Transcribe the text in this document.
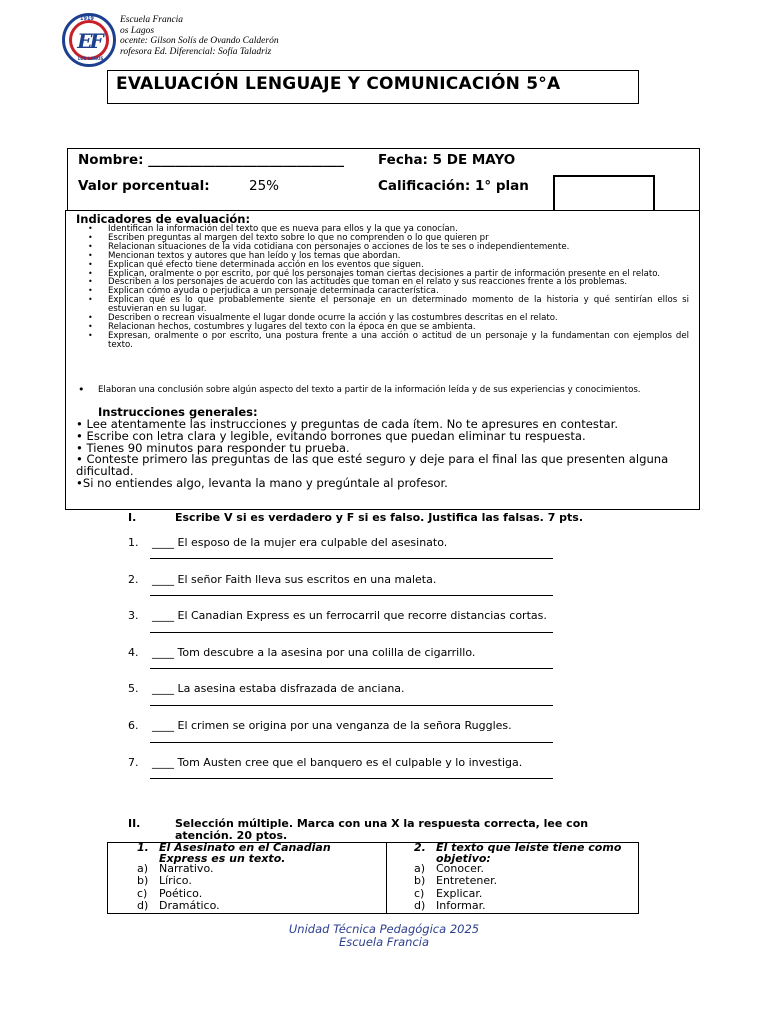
1919
EF
LOS LAGOS
Escuela Francia
os Lagos
ocente: Gilson Solís de Ovando Calderón
rofesora Ed. Diferencial: Sofía Taladriz
EVALUACIÓN LENGUAJE Y COMUNICACIÓN 5°A
Nombre: _____________________________	Fecha: 5 DE MAYO
Valor porcentual:	25%	Calificación: 1° plan
Indicadores de evaluación:
• Identifican la información del texto que es nueva para ellos y la que ya conocían.
• Escriben preguntas al margen del texto sobre lo que no comprenden o lo que quieren pr
• Relacionan situaciones de la vida cotidiana con personajes o acciones de los te ses o independientemente.
• Mencionan textos y autores que han leído y los temas que abordan.
• Explican qué efecto tiene determinada acción en los eventos que siguen.
• Explican, oralmente o por escrito, por qué los personajes toman ciertas decisiones a partir de información presente en el relato.
• Describen a los personajes de acuerdo con las actitudes que toman en el relato y sus reacciones frente a los problemas.
• Explican cómo ayuda o perjudica a un personaje determinada característica.
• Explican qué es lo que probablemente siente el personaje en un determinado momento de la historia y qué sentirían ellos si estuvieran en su lugar.
• Describen o recrean visualmente el lugar donde ocurre la acción y las costumbres descritas en el relato.
• Relacionan hechos, costumbres y lugares del texto con la época en que se ambienta.
• Expresan, oralmente o por escrito, una postura frente a una acción o actitud de un personaje y la fundamentan con ejemplos del texto.
• Elaboran una conclusión sobre algún aspecto del texto a partir de la información leída y de sus experiencias y conocimientos.
Instrucciones generales:
• Lee atentamente las instrucciones y preguntas de cada ítem. No te apresures en contestar.
• Escribe con letra clara y legible, evitando borrones que puedan eliminar tu respuesta.
• Tienes 90 minutos para responder tu prueba.
• Conteste primero las preguntas de las que esté seguro y deje para el final las que presenten alguna dificultad.
•Si no entiendes algo, levanta la mano y pregúntale al profesor.
I.	Escribe V si es verdadero y F si es falso. Justifica las falsas. 7 pts.
1. ____ El esposo de la mujer era culpable del asesinato.
2. ____ El señor Faith lleva sus escritos en una maleta.
3. ____ El Canadian Express es un ferrocarril que recorre distancias cortas.
4. ____ Tom descubre a la asesina por una colilla de cigarrillo.
5. ____ La asesina estaba disfrazada de anciana.
6. ____ El crimen se origina por una venganza de la señora Ruggles.
7. ____ Tom Austen cree que el banquero es el culpable y lo investiga.
II.	Selección múltiple. Marca con una X la respuesta correcta, lee con
atención. 20 ptos.
1. El Asesinato en el Canadian
Express es un texto.
a) Narrativo.
b) Lírico.
c) Poético.
d) Dramático.
2. El texto que leíste tiene como
objetivo:
a) Conocer.
b) Entretener.
c) Explicar.
d) Informar.
Unidad Técnica Pedagógica 2025
Escuela Francia
